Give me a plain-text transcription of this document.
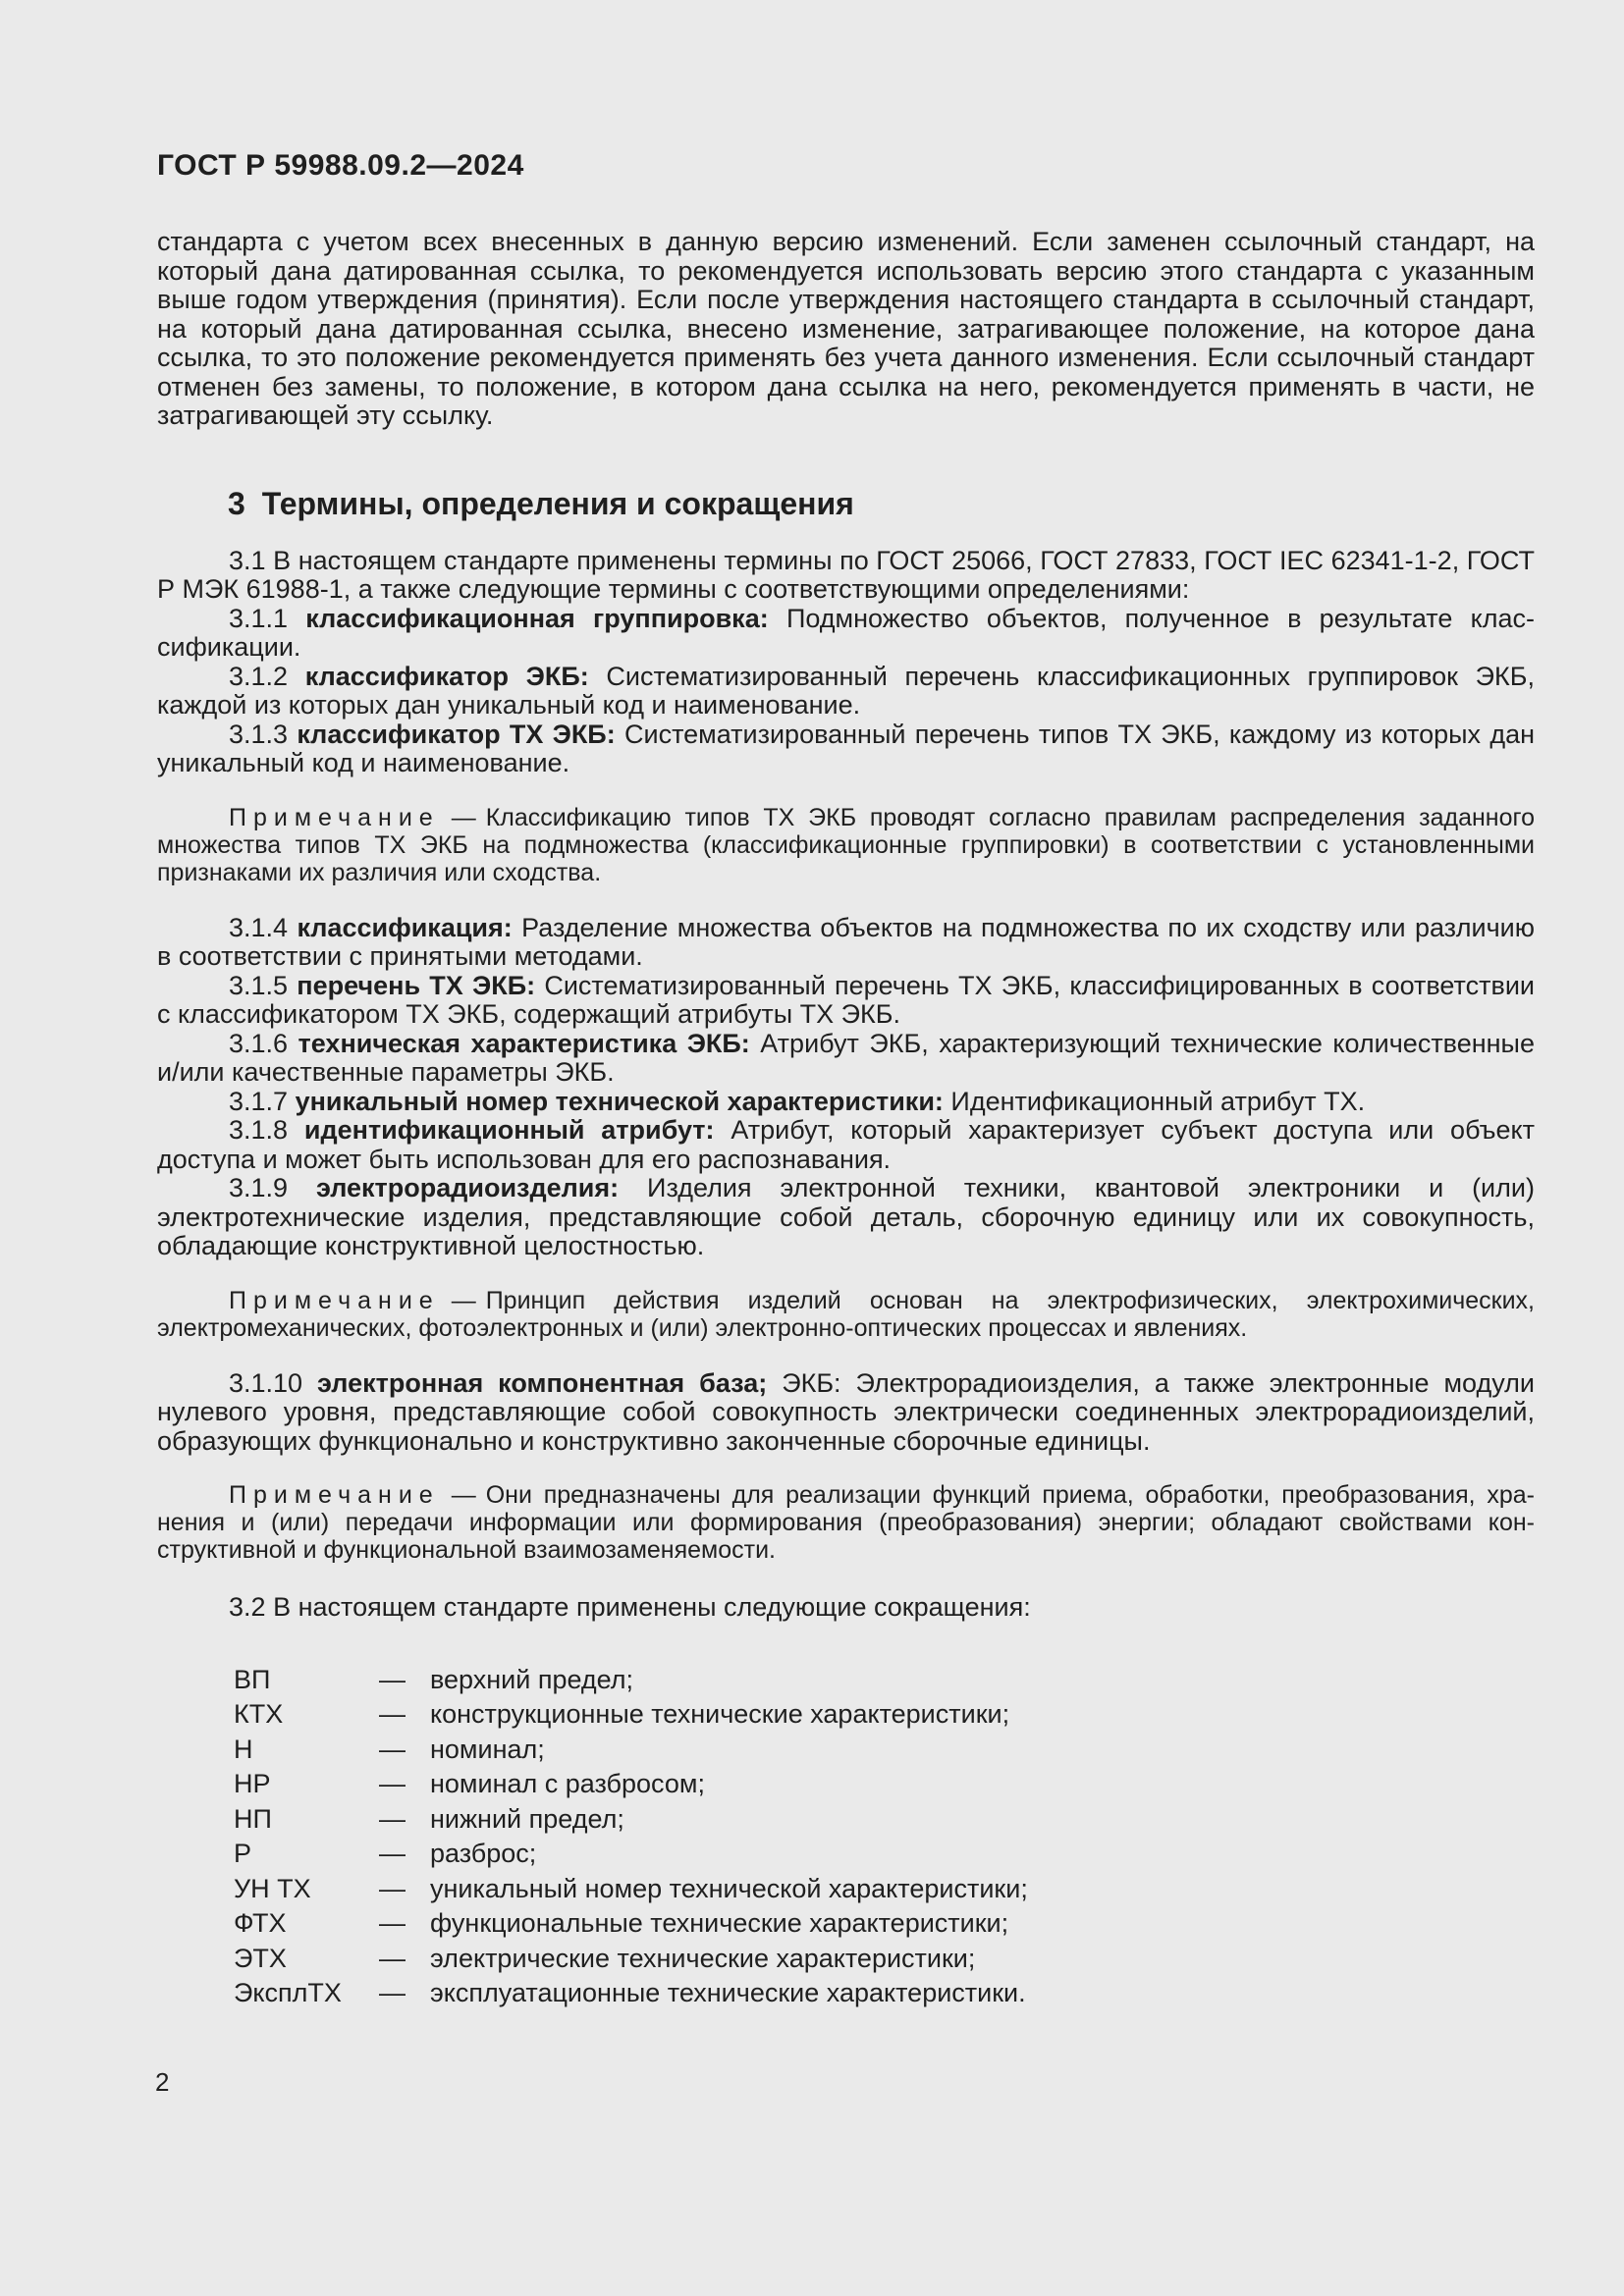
ГОСТ Р 59988.09.2—2024

стандарта с учетом всех внесенных в данную версию изменений. Если заменен ссылочный стандарт, на который дана датированная ссылка, то рекомендуется использовать версию этого стандарта с указанным выше годом утверждения (принятия). Если после утверждения настоящего стандарта в ссылочный стандарт, на который дана датированная ссылка, внесено изменение, затрагивающее положение, на которое дана ссылка, то это положение рекомендуется применять без учета данного изменения. Если ссылочный стандарт отменен без замены, то положение, в котором дана ссылка на него, рекомендуется применять в части, не затрагивающей эту ссылку.

3 Термины, определения и сокращения

3.1 В настоящем стандарте применены термины по ГОСТ 25066, ГОСТ 27833, ГОСТ IEC 62341-1-2, ГОСТ Р МЭК 61988-1, а также следующие термины с соответствующими определениями:

3.1.1 классификационная группировка: Подмножество объектов, полученное в результате классификации.

3.1.2 классификатор ЭКБ: Систематизированный перечень классификационных группировок ЭКБ, каждой из которых дан уникальный код и наименование.

3.1.3 классификатор ТХ ЭКБ: Систематизированный перечень типов ТХ ЭКБ, каждому из которых дан уникальный код и наименование.

Примечание — Классификацию типов ТХ ЭКБ проводят согласно правилам распределения заданного множества типов ТХ ЭКБ на подмножества (классификационные группировки) в соответствии с установленными признаками их различия или сходства.

3.1.4 классификация: Разделение множества объектов на подмножества по их сходству или различию в соответствии с принятыми методами.

3.1.5 перечень ТХ ЭКБ: Систематизированный перечень ТХ ЭКБ, классифицированных в соответствии с классификатором ТХ ЭКБ, содержащий атрибуты ТХ ЭКБ.

3.1.6 техническая характеристика ЭКБ: Атрибут ЭКБ, характеризующий технические количественные и/или качественные параметры ЭКБ.

3.1.7 уникальный номер технической характеристики: Идентификационный атрибут ТХ.

3.1.8 идентификационный атрибут: Атрибут, который характеризует субъект доступа или объект доступа и может быть использован для его распознавания.

3.1.9 электрорадиоизделия: Изделия электронной техники, квантовой электроники и (или) электротехнические изделия, представляющие собой деталь, сборочную единицу или их совокупность, обладающие конструктивной целостностью.

Примечание — Принцип действия изделий основан на электрофизических, электрохимических, электромеханических, фотоэлектронных и (или) электронно-оптических процессах и явлениях.

3.1.10 электронная компонентная база; ЭКБ: Электрорадиоизделия, а также электронные модули нулевого уровня, представляющие собой совокупность электрически соединенных электрорадиоизделий, образующих функционально и конструктивно законченные сборочные единицы.

Примечание — Они предназначены для реализации функций приема, обработки, преобразования, хранения и (или) передачи информации или формирования (преобразования) энергии; обладают свойствами конструктивной и функциональной взаимозаменяемости.

3.2 В настоящем стандарте применены следующие сокращения:

ВП	— верхний предел;
КТХ	— конструкционные технические характеристики;
Н	— номинал;
НР	— номинал с разбросом;
НП	— нижний предел;
Р	— разброс;
УН ТХ	— уникальный номер технической характеристики;
ФТХ	— функциональные технические характеристики;
ЭТХ	— электрические технические характеристики;
ЭксплТХ	— эксплуатационные технические характеристики.
2
